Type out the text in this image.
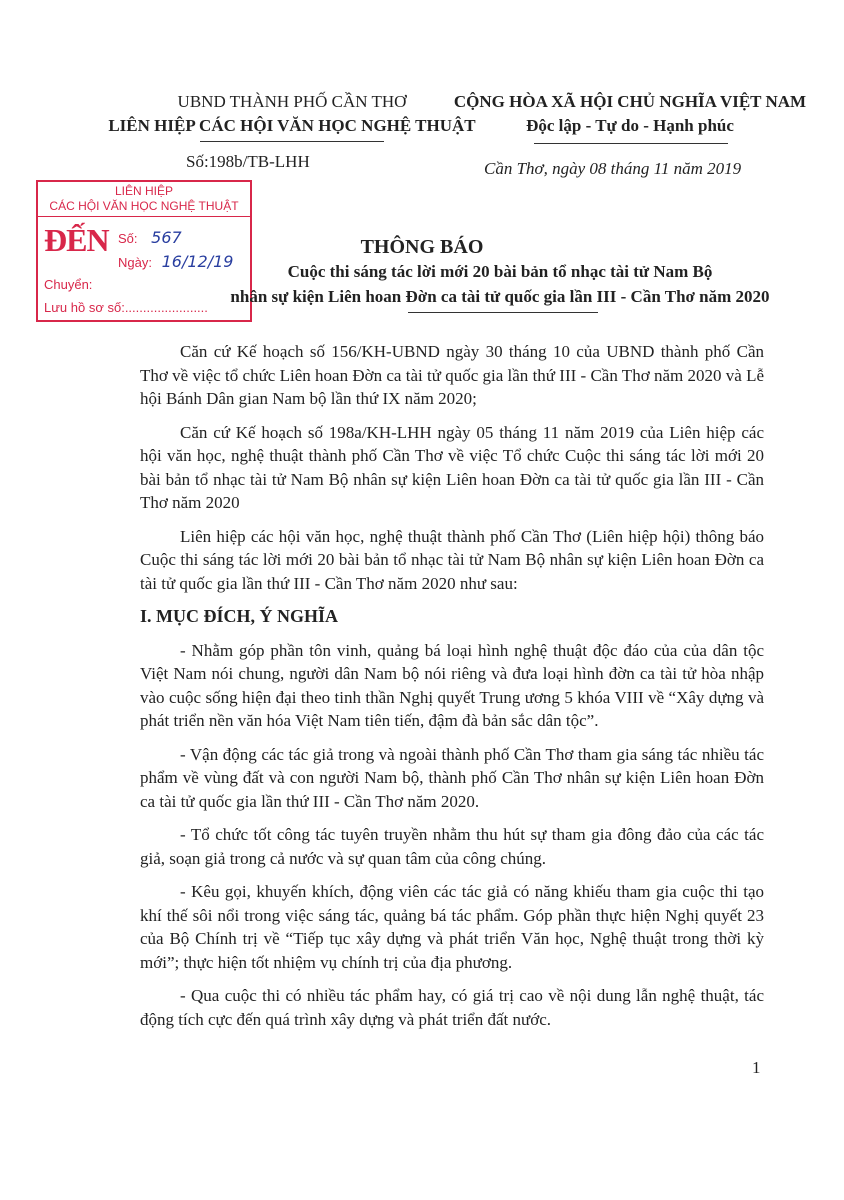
UBND THÀNH PHỐ CẦN THƠ
LIÊN HIỆP CÁC HỘI VĂN HỌC NGHỆ THUẬT
CỘNG HÒA XÃ HỘI CHỦ NGHĨA VIỆT NAM
Độc lập - Tự do - Hạnh phúc
Số:198b/TB-LHH	Cần Thơ, ngày 08 tháng 11 năm 2019
LIÊN HIỆP
CÁC HỘI VĂN HỌC NGHỆ THUẬT
ĐẾN Số: 567
Ngày: 16/12/19
Chuyển:
Lưu hồ sơ số:.......................
THÔNG BÁO
Cuộc thi sáng tác lời mới 20 bài bản tổ nhạc tài tử Nam Bộ
nhân sự kiện Liên hoan Đờn ca tài tử quốc gia lần III - Cần Thơ năm 2020

Căn cứ Kế hoạch số 156/KH-UBND ngày 30 tháng 10 của UBND thành phố Cần Thơ về việc tổ chức Liên hoan Đờn ca tài tử quốc gia lần thứ III - Cần Thơ năm 2020 và Lễ hội Bánh Dân gian Nam bộ lần thứ IX năm 2020;

Căn cứ Kế hoạch số 198a/KH-LHH ngày 05 tháng 11 năm 2019 của Liên hiệp các hội văn học, nghệ thuật thành phố Cần Thơ về việc Tổ chức Cuộc thi sáng tác lời mới 20 bài bản tổ nhạc tài tử Nam Bộ nhân sự kiện Liên hoan Đờn ca tài tử quốc gia lần III - Cần Thơ năm 2020

Liên hiệp các hội văn học, nghệ thuật thành phố Cần Thơ (Liên hiệp hội) thông báo Cuộc thi sáng tác lời mới 20 bài bản tổ nhạc tài tử Nam Bộ nhân sự kiện Liên hoan Đờn ca tài tử quốc gia lần thứ III - Cần Thơ năm 2020 như sau:

I. MỤC ĐÍCH, Ý NGHĨA

- Nhằm góp phần tôn vinh, quảng bá loại hình nghệ thuật độc đáo của của dân tộc Việt Nam nói chung, người dân Nam bộ nói riêng và đưa loại hình đờn ca tài tử hòa nhập vào cuộc sống hiện đại theo tinh thần Nghị quyết Trung ương 5 khóa VIII về “Xây dựng và phát triển nền văn hóa Việt Nam tiên tiến, đậm đà bản sắc dân tộc”.

- Vận động các tác giả trong và ngoài thành phố Cần Thơ tham gia sáng tác nhiều tác phẩm về vùng đất và con người Nam bộ, thành phố Cần Thơ nhân sự kiện Liên hoan Đờn ca tài tử quốc gia lần thứ III - Cần Thơ năm 2020.

- Tổ chức tốt công tác tuyên truyền nhằm thu hút sự tham gia đông đảo của các tác giả, soạn giả trong cả nước và sự quan tâm của công chúng.

- Kêu gọi, khuyến khích, động viên các tác giả có năng khiếu tham gia cuộc thi tạo khí thế sôi nổi trong việc sáng tác, quảng bá tác phẩm. Góp phần thực hiện Nghị quyết 23 của Bộ Chính trị về “Tiếp tục xây dựng và phát triển Văn học, Nghệ thuật trong thời kỳ mới”; thực hiện tốt nhiệm vụ chính trị của địa phương.

- Qua cuộc thi có nhiều tác phẩm hay, có giá trị cao về nội dung lẫn nghệ thuật, tác động tích cực đến quá trình xây dựng và phát triển đất nước.

1
